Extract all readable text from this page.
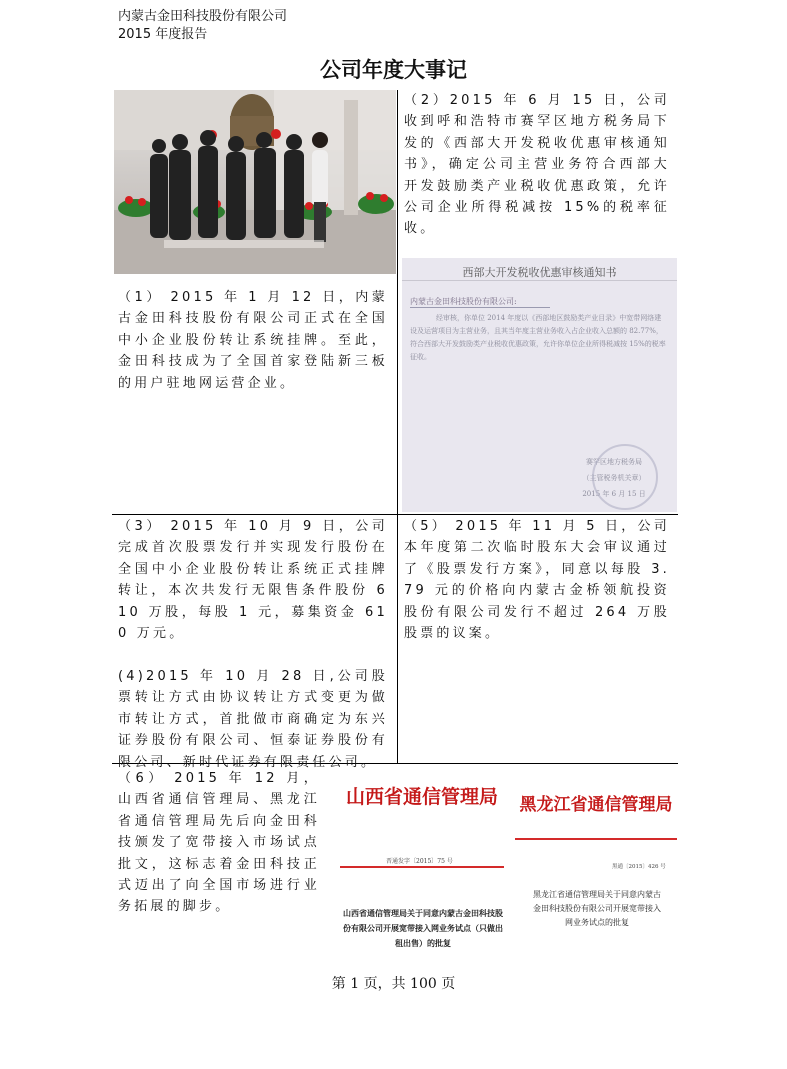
内蒙古金田科技股份有限公司
2015 年度报告
公司年度大事记
（1） 2015 年 1 月 12 日，内蒙古金田科技股份有限公司正式在全国中小企业股份转让系统挂牌。至此，金田科技成为了全国首家登陆新三板的用户驻地网运营企业。
（2）2015 年 6 月 15 日，公司收到呼和浩特市赛罕区地方税务局下发的《西部大开发税收优惠审核通知书》，确定公司主营业务符合西部大开发鼓励类产业税收优惠政策，允许公司企业所得税减按 15%的税率征收。
西部大开发税收优惠审核通知书
内蒙古金田科技股份有限公司:
经审核，你单位 2014 年度以《西部地区鼓励类产业目录》中宽带网络建设及运营项目为主营业务，且其当年度主营业务收入占企业收入总额的 82.77%，符合西部大开发鼓励类产业税收优惠政策，允许你单位企业所得税减按 15%的税率征收。
赛罕区地方税务局
（主管税务机关章）
2015 年 6 月 15 日
（3） 2015 年 10 月 9 日，公司完成首次股票发行并实现发行股份在全国中小企业股份转让系统正式挂牌转让，本次共发行无限售条件股份 610 万股，每股 1 元，募集资金 610 万元。
(4)2015 年 10 月 28 日,公司股票转让方式由协议转让方式变更为做市转让方式，首批做市商确定为东兴证券股份有限公司、恒泰证券股份有限公司、新时代证券有限责任公司。
（5） 2015 年 11 月 5 日，公司本年度第二次临时股东大会审议通过了《股票发行方案》，同意以每股 3.79 元的价格向内蒙古金桥领航投资股份有限公司发行不超过 264 万股股票的议案。
（6） 2015 年 12 月，山西省通信管理局、黑龙江省通信管理局先后向金田科技颁发了宽带接入市场试点批文，这标志着金田科技正式迈出了向全国市场进行业务拓展的脚步。
山西省通信管理局
晋通发字〔2015〕75 号
山西省通信管理局关于同意内蒙古金田科技股份有限公司开展宽带接入网业务试点（只做出租出售）的批复
黑龙江省通信管理局
黑通〔2015〕426 号
黑龙江省通信管理局关于同意内蒙古金田科技股份有限公司开展宽带接入网业务试点的批复
第 1 页，共 100 页
